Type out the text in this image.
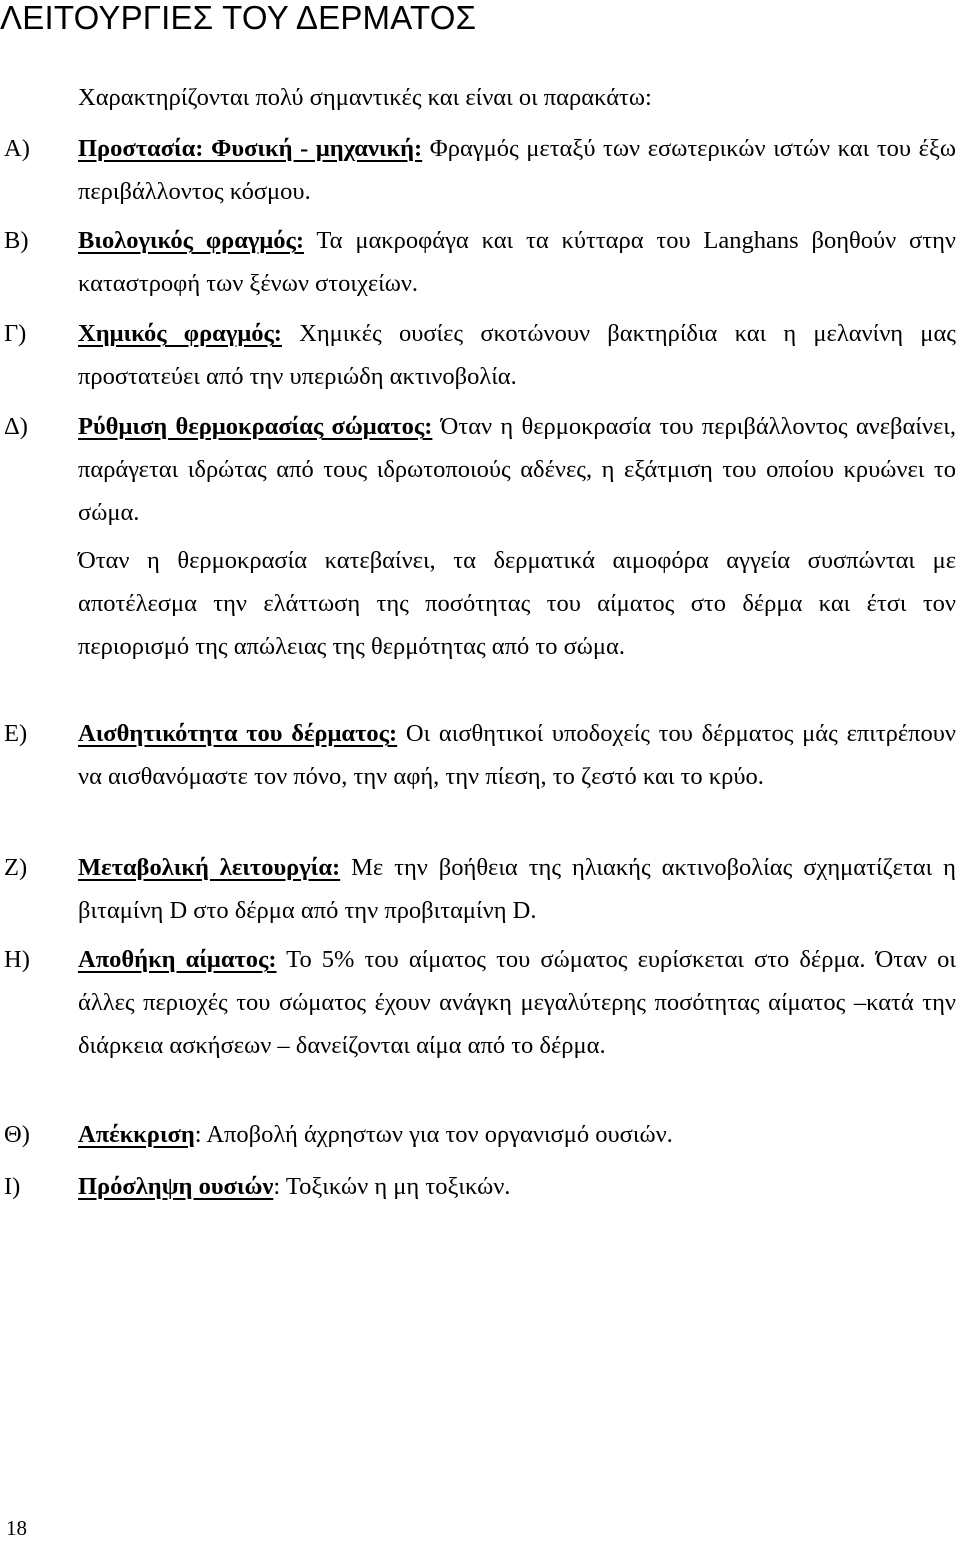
ΛΕΙΤΟΥΡΓΙΕΣ ΤΟΥ ΔΕΡΜΑΤΟΣ
Χαρακτηρίζονται πολύ σημαντικές και είναι οι παρακάτω:
Α) Προστασία: Φυσική - μηχανική: Φραγμός μεταξύ των εσωτερικών ιστών και του έξω περιβάλλοντος κόσμου.
Β) Βιολογικός φραγμός: Τα μακροφάγα και τα κύτταρα του Langhans βοηθούν στην καταστροφή των ξένων στοιχείων.
Γ) Χημικός φραγμός: Χημικές ουσίες σκοτώνουν βακτηρίδια και η μελανίνη μας προστατεύει από την υπεριώδη ακτινοβολία.
Δ) Ρύθμιση θερμοκρασίας σώματος: Όταν η θερμοκρασία του περιβάλλοντος ανεβαίνει, παράγεται ιδρώτας από τους ιδρωτοποιούς αδένες, η εξάτμιση του οποίου κρυώνει το σώμα.
Όταν η θερμοκρασία κατεβαίνει, τα δερματικά αιμοφόρα αγγεία συσπώνται με αποτέλεσμα την ελάττωση της ποσότητας του αίματος στο δέρμα και έτσι τον περιορισμό της απώλειας της θερμότητας από το σώμα.
Ε) Αισθητικότητα του δέρματος: Οι αισθητικοί υποδοχείς του δέρματος μάς επιτρέπουν να αισθανόμαστε τον πόνο, την αφή, την πίεση, το ζεστό και το κρύο.
Ζ) Μεταβολική λειτουργία: Με την βοήθεια της ηλιακής ακτινοβολίας σχηματίζεται η βιταμίνη D στο δέρμα από την προβιταμίνη D.
Η) Αποθήκη αίματος: Το 5% του αίματος του σώματος ευρίσκεται στο δέρμα. Όταν οι άλλες περιοχές του σώματος έχουν ανάγκη μεγαλύτερης ποσότητας αίματος –κατά την διάρκεια ασκήσεων – δανείζονται αίμα από το δέρμα.
Θ) Απέκκριση: Αποβολή άχρηστων για τον οργανισμό ουσιών.
Ι) Πρόσληψη ουσιών: Τοξικών η μη τοξικών.
18
